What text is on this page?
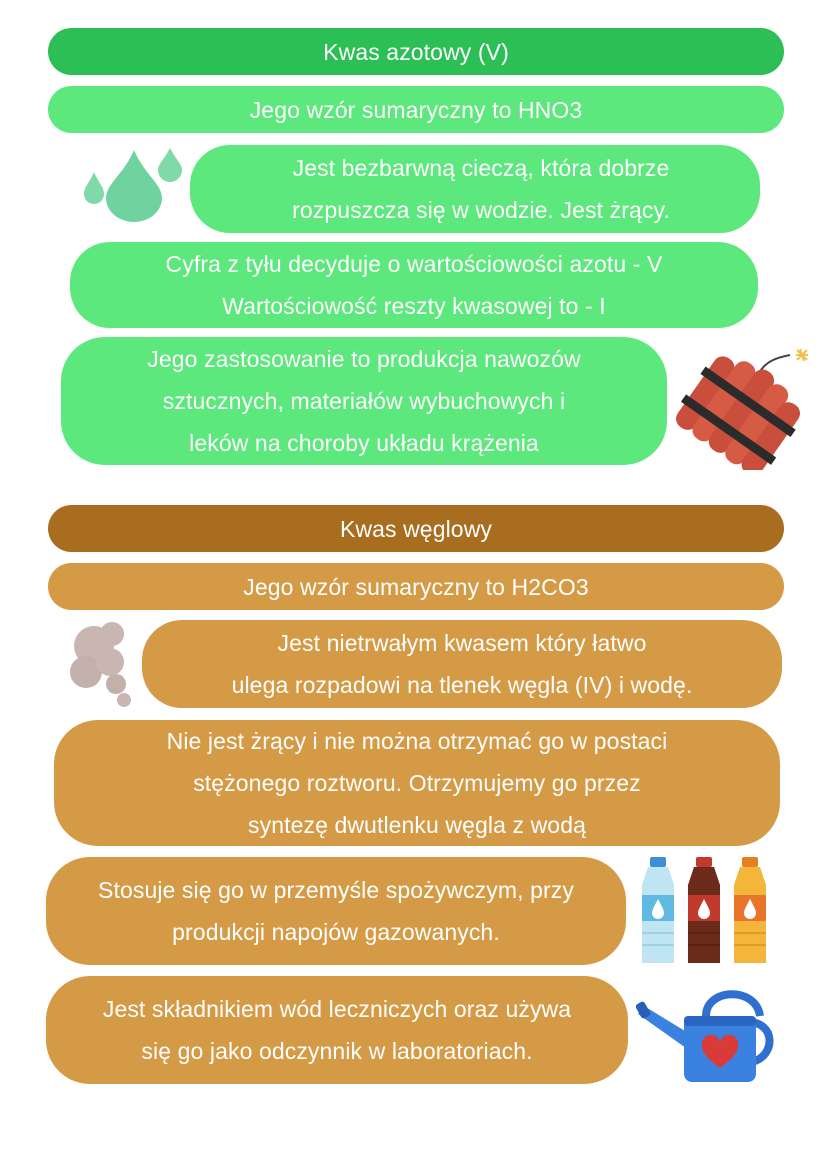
Kwas azotowy (V)
Jego wzór sumaryczny to HNO3
Jest bezbarwną cieczą, która dobrze
rozpuszcza się w wodzie. Jest żrący.
Cyfra z tyłu decyduje o wartościowości azotu - V
Wartościowość reszty kwasowej to - I
Jego zastosowanie to produkcja nawozów
sztucznych, materiałów wybuchowych i
leków na choroby układu krążenia
Kwas węglowy
Jego wzór sumaryczny to H2CO3
Jest nietrwałym kwasem który łatwo
ulega rozpadowi na tlenek węgla (IV) i wodę.
Nie jest żrący i nie można otrzymać go w postaci
stężonego roztworu. Otrzymujemy go przez
syntezę dwutlenku węgla z wodą
Stosuje się go w przemyśle spożywczym, przy
produkcji napojów gazowanych.
Jest składnikiem wód leczniczych oraz używa
się go jako odczynnik w laboratoriach.
